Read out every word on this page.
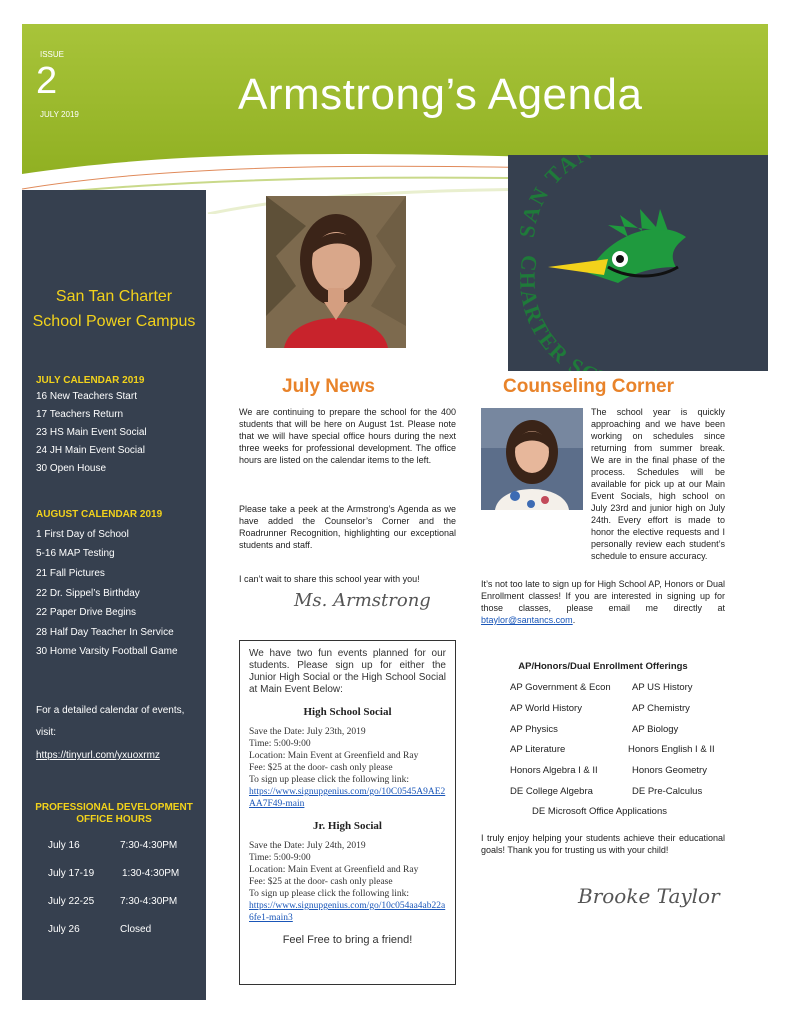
ISSUE
2
JULY 2019	Armstrong’s Agenda
San Tan Charter
School Power Campus
JULY CALENDAR 2019
16 New Teachers Start
17 Teachers Return
23 HS Main Event Social
24 JH Main Event Social
30 Open House
AUGUST CALENDAR 2019
1 First Day of School
5-16 MAP Testing
21 Fall Pictures
22 Dr. Sippel’s Birthday
22 Paper Drive Begins
28 Half Day Teacher In Service
30 Home Varsity Football Game
For a detailed calendar of events, visit:
https://tinyurl.com/yxuoxrmz
PROFESSIONAL DEVELOPMENT
OFFICE HOURS
July 16	7:30-4:30PM
July 17-19	1:30-4:30PM
July 22-25	7:30-4:30PM
July 26	Closed
SAN TA
CHARTER S
July News
We are continuing to prepare the school for the 400 students that will be here on August 1st. Please note that we will have special office hours during the next three weeks for professional development. The office hours are listed on the calendar items to the left.
Please take a peek at the Armstrong’s Agenda as we have added the Counselor’s Corner and the Roadrunner Recognition, highlighting our exceptional students and staff.
I can’t wait to share this school year with you!
Ms. Armstrong
We have two fun events planned for our students. Please sign up for either the Junior High Social or the High School Social at Main Event Below:
High School Social
Save the Date: July 23th, 2019
Time: 5:00-9:00
Location: Main Event at Greenfield and Ray
Fee: $25 at the door- cash only please
To sign up please click the following link:
https://www.signupgenius.com/go/10C0545A9AE2AA7F49-main
Jr. High Social
Save the Date: July 24th, 2019
Time: 5:00-9:00
Location: Main Event at Greenfield and Ray
Fee: $25 at the door- cash only please
To sign up please click the following link:
https://www.signupgenius.com/go/10c054aa4ab22a6fe1-main3
Feel Free to bring a friend!
Counseling Corner
The school year is quickly approaching and we have been working on schedules since returning from summer break. We are in the final phase of the process. Schedules will be available for pick up at our Main Event Socials, high school on July 23rd and junior high on July 24th. Every effort is made to honor the elective requests and I personally review each student’s schedule to ensure accuracy.
It’s not too late to sign up for High School AP, Honors or Dual Enrollment classes! If you are interested in signing up for those classes, please email me directly at btaylor@santancs.com.
AP/Honors/Dual Enrollment Offerings
AP Government & Econ AP US History
AP World History	AP Chemistry
AP Physics	AP Biology
AP Literature	Honors English I & II
Honors Algebra I & II	Honors Geometry
DE College Algebra	DE Pre-Calculus
DE Microsoft Office Applications
I truly enjoy helping your students achieve their educational goals! Thank you for trusting us with your child!
Brooke Taylor
